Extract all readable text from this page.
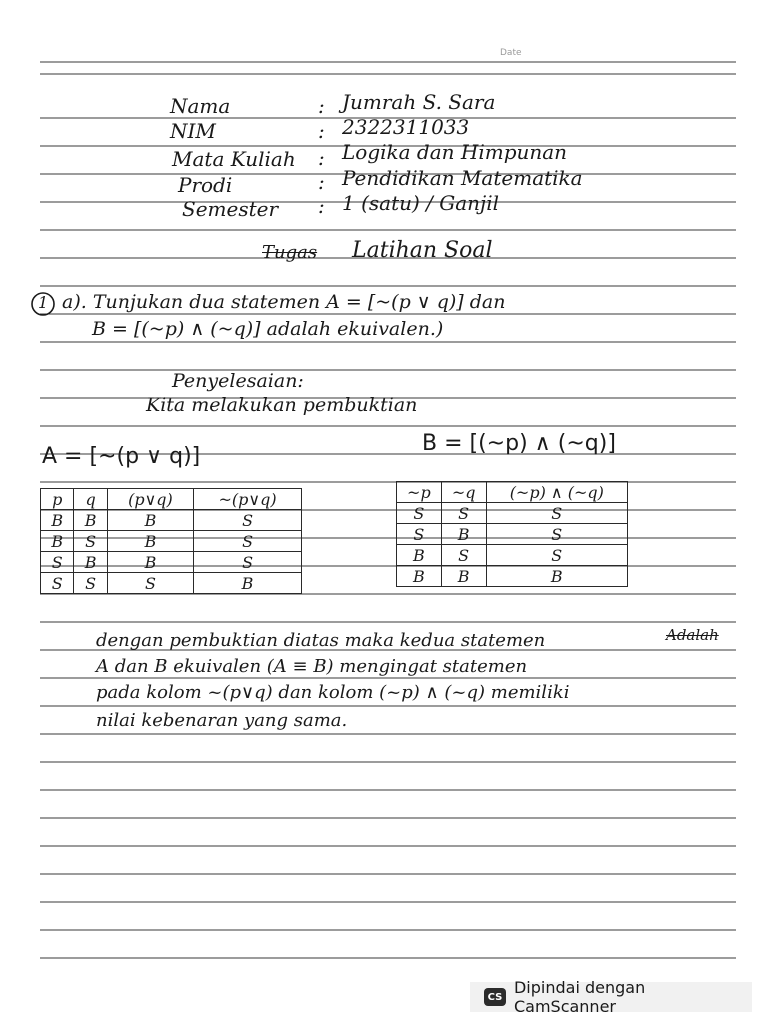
Date
Nama	: Jumrah S. Sara
NIM	: 2322311033
Mata Kuliah : Logika dan Himpunan
Prodi	: Pendidikan Matematika
Semester : 1 (satu) / Ganjil
Tugas Latihan Soal
1 a). Tunjukan dua statemen A = [~(p ∨ q)] dan
B = [(~p) ∧ (~q)] adalah ekuivalen.)
Penyelesaian:
Kita melakukan pembuktian
A = [~(p ∨ q)]
B = [(~p) ∧ (~q)]
p	q	(p∨q)	~(p∨q)
B	B	B	S
B	S	B	S
S	B	B	S
S	S	S	B
~p	~q	(~p) ∧ (~q)
S	S	S
S	B	S
B	S	S
B	B	B
dengan pembuktian diatas maka kedua statemen	Adalah
A dan B ekuivalen (A ≡ B) mengingat statemen
pada kolom ~(p∨q) dan kolom (~p) ∧ (~q) memiliki
nilai kebenaran yang sama.
CS Dipindai dengan CamScanner
